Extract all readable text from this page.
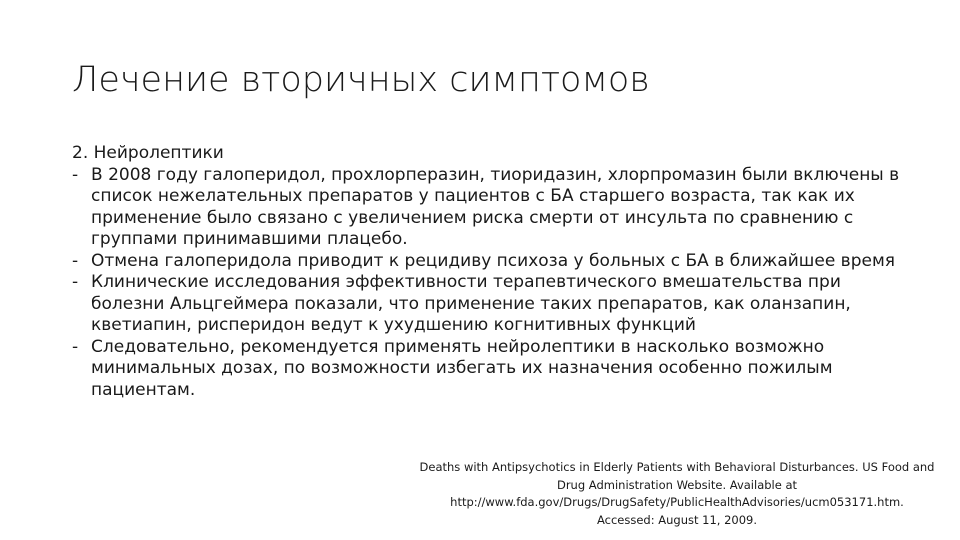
Лечение вторичных симптомов

2. Нейролептики

- В 2008 году галоперидол, прохлорперазин, тиоридазин, хлорпромазин были включены в список нежелательных препаратов у пациентов с БА старшего возраста, так как их применение было связано с увеличением риска смерти от инсульта по сравнению с группами принимавшими плацебо.
- Отмена галоперидола приводит к рецидиву психоза у больных с БА в ближайшее время
- Клинические исследования эффективности терапевтического вмешательства при болезни Альцгеймера показали, что применение таких препаратов, как оланзапин, кветиапин, рисперидон ведут к ухудшению когнитивных функций
- Следовательно, рекомендуется применять нейролептики в насколько возможно минимальных дозах, по возможности избегать их назначения особенно пожилым пациентам.
Deaths with Antipsychotics in Elderly Patients with Behavioral Disturbances. US Food and
Drug Administration Website. Available at
http://www.fda.gov/Drugs/DrugSafety/PublicHealthAdvisories/ucm053171.htm.
Accessed: August 11, 2009.
